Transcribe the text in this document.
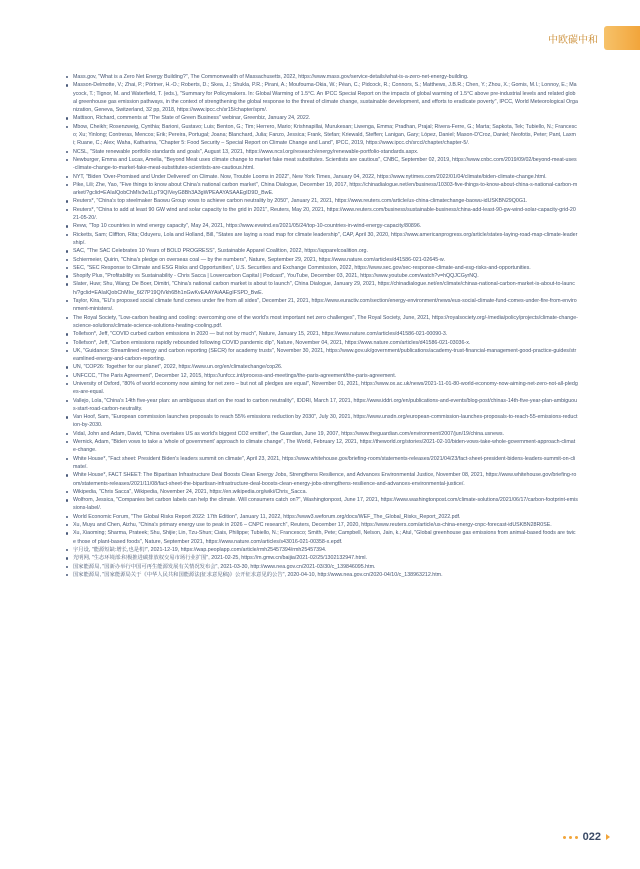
中欧碳中和
Mass.gov, "What is a Zero Net Energy Building?", The Commonwealth of Massachusetts, 2022, https://www.mass.gov/service-details/what-is-a-zero-net-energy-building.
Masson-Delmotte, V.; Zhai, P.; Pörtner, H.-O.; Roberts, D.; Skea, J.; Shukla, P.R.; Pirani, A.; Moufouma-Okia, W.; Péan, C.; Pidcock, R.; Connors, S.; Matthews, J.B.R.; Chen, Y.; Zhou, X.; Gomis, M.I.; Lonnoy, E.; Maycock, T.; Tignor, M. and Waterfield, T. (eds.), "Summary for Policymakers. In: Global Warming of 1.5°C. An IPCC Special Report on the impacts of global warming of 1.5°C above pre-industrial levels and related global greenhouse gas emission pathways, in the context of strengthening the global response to the threat of climate change, sustainable development, and efforts to eradicate poverty", IPCC, World Meteorological Organization, Geneva, Switzerland, 32 pp, 2018, https://www.ipcc.ch/sr15/chapter/spm/.
Mattison, Richard, comments at "The State of Green Business" webinar, Greenbiz, January 24, 2022.
Mbow, Cheikh; Rosenzweig, Cynthia; Barioni, Gustavo; Luis; Benton, G.; Tim; Herrero, Mario; Krishnapillai, Murukesan; Liwenga, Emma; Pradhan, Prajal; Rivera-Ferre, G.; Marta; Sapkota, Tek; Tubiello, N.; Francesco; Xu; Yinlong; Contreras, Mencos; Erik; Pereira, Portugal; Joana; Blanchard, Julia; Fanzo, Jessica; Frank, Stefan; Kriewald, Steffen; Lanigan, Gary; López, Daniel; Mason-D'Croz, Daniel; Neofotis, Peter; Pant, Laxmi; Ruane, C.; Alex; Waha, Katharina, "Chapter 5: Food Security – Special Report on Climate Change and Land", IPCC, 2019, https://www.ipcc.ch/srccl/chapter/chapter-5/.
NCSL, "State renewable portfolio standards and goals", August 13, 2021, https://www.ncsl.org/research/energy/renewable-portfolio-standards.aspx.
Newburger, Emma and Lucas, Amelia, "Beyond Meat uses climate change to market fake meat substitutes. Scientists are cautious", CNBC, September 02, 2019, https://www.cnbc.com/2019/09/02/beyond-meat-uses-climate-change-to-market-fake-meat-substitutes-scientists-are-cautious.html.
NYT, "Biden 'Over-Promised and Under Delivered' on Climate. Now, Trouble Looms in 2022", New York Times, January 04, 2022, https://www.nytimes.com/2022/01/04/climate/biden-climate-change.html.
Pike, Lili; Zhe, Yao, "Five things to know about China's national carbon market", China Dialogue, December 19, 2017, https://chinadialogue.net/en/business/10303-five-things-to-know-about-china-s-national-carbon-market/?gclid=EAIaIQobChMIv3w1LpT9QIVeyG8Bh3A3gWPEAAYASAAEgID9D_BwE.
Reuters*, "China's top steelmaker Baowu Group vows to achieve carbon neutrality by 2050", January 21, 2021, https://www.reuters.com/article/us-china-climatechange-baowu-idUSKBN29Q0G1.
Reuters*, "China to add at least 90 GW wind and solar capacity to the grid in 2021", Reuters, May 20, 2021, https://www.reuters.com/business/sustainable-business/china-add-least-90-gw-wind-solar-capacity-grid-2021-05-20/.
Revw, "Top 10 countries in wind energy capacity", May 24, 2021, https://www.evwind.es/2021/05/24/top-10-countries-in-wind-energy-capacity/80896.
Ricketts, Sam; Cliffton, Rita; Oduyeru, Lola and Holland, Bill, "States are laying a road map for climate leadership", CAP, April 30, 2020, https://www.americanprogress.org/article/states-laying-road-map-climate-leadership/.
SAC, "The SAC Celebrates 10 Years of BOLD PROGRESS", Sustainable Apparel Coalition, 2022, https://apparelcoalition.org.
Schiermeier, Quirin, "China's pledge on overseas coal — by the numbers", Nature, September 29, 2021, https://www.nature.com/articles/d41586-021-02645-w.
SEC, "SEC Response to Climate and ESG Risks and Opportunities", U.S. Securities and Exchange Commission, 2022, https://www.sec.gov/sec-response-climate-and-esg-risks-and-opportunities.
Shopify Plus, "Profitability vs Sustainability - Chris Sacca | Lowercarbon Capital | Podcast", YouTube, December 03, 2021, https://www.youtube.com/watch?v=hQQJCGyrNQ.
Slater, Huw; Shu, Wang; De Boer, Dimitri, "China's national carbon market is about to launch", China Dialogue, January 29, 2021, https://chinadialogue.net/en/climate/chinas-national-carbon-market-is-about-to-launch/?gclid=EAIaIQobChMIw_6t27P19QIVkh6Bh1nGwKvEAAYAiAAEgIFSPD_BwE.
Taylor, Kira, "EU's proposed social climate fund comes under fire from all sides", December 21, 2021, https://www.euractiv.com/section/energy-environment/news/eus-social-climate-fund-comes-under-fire-from-environment-ministers/.
The Royal Society, "Low-carbon heating and cooling: overcoming one of the world's most important net zero challenges", The Royal Society, June, 2021, https://royalsociety.org/-/media/policy/projects/climate-change-science-solutions/climate-science-solutions-heating-cooling.pdf.
Tollefson*, Jeff, "COVID curbed carbon emissions in 2020 — but not by much", Nature, January 15, 2021, https://www.nature.com/articles/d41586-021-00090-3.
Tollefson*, Jeff, "Carbon emissions rapidly rebounded following COVID pandemic dip", Nature, November 04, 2021, https://www.nature.com/articles/d41586-021-03036-x.
UK, "Guidance: Streamlined energy and carbon reporting (SECR) for academy trusts", November 30, 2021, https://www.gov.uk/government/publications/academy-trust-financial-management-good-practice-guides/streamlined-energy-and-carbon-reporting.
UN, "COP26: Together for our planet", 2022, https://www.un.org/en/climatechange/cop26.
UNFCCC, "The Paris Agreement", December 12, 2015, https://unfccc.int/process-and-meetings/the-paris-agreement/the-paris-agreement.
University of Oxford, "80% of world economy now aiming for net zero – but not all pledges are equal", November 01, 2021, https://www.ox.ac.uk/news/2021-11-01-80-world-economy-now-aiming-net-zero-not-all-pledges-are-equal.
Vallejo, Lola, "China's 14th five-year plan: an ambiguous start on the road to carbon neutrality", IDDRI, March 17, 2021, https://www.iddri.org/en/publications-and-events/blog-post/chinas-14th-five-year-plan-ambiguous-start-road-carbon-neutrality.
Van Hoof, Sam, "European commission launches proposals to reach 55% emissions reduction by 2030", July 30, 2021, https://www.unsdn.org/european-commission-launches-proposals-to-reach-55-emissions-reduction-by-2030.
Vidal, John and Adam, David, "China overtakes US as world's biggest CO2 emitter", the Guardian, June 19, 2007, https://www.theguardian.com/environment/2007/jun/19/china.usnews.
Wernick, Adam, "Biden vows to take a 'whole of government' approach to climate change", The World, February 12, 2021, https://theworld.org/stories/2021-02-10/biden-vows-take-whole-government-approach-climate-change.
White House*, "Fact sheet: President Biden's leaders summit on climate", April 23, 2021, https://www.whitehouse.gov/briefing-room/statements-releases/2021/04/23/fact-sheet-president-bidens-leaders-summit-on-climate/.
White House*, FACT SHEET: The Bipartisan Infrastructure Deal Boosts Clean Energy Jobs, Strengthens Resilience, and Advances Environmental Justice, November 08, 2021, https://www.whitehouse.gov/briefing-room/statements-releases/2021/11/08/fact-sheet-the-bipartisan-infrastructure-deal-boosts-clean-energy-jobs-strengthens-resilience-and-advances-environmental-justice/.
Wikipedia, "Chris Sacca", Wikipedia, November 24, 2021, https://en.wikipedia.org/wiki/Chris_Sacca.
Wolfrom, Jessica, "Companies bet carbon labels can help the climate. Will consumers catch on?", Washingtonpost, June 17, 2021, https://www.washingtonpost.com/climate-solutions/2021/06/17/carbon-footprint-emissions-label/.
World Economic Forum, "The Global Risks Report 2022: 17th Edition", January 11, 2022, https://www3.weforum.org/docs/WEF_The_Global_Risks_Report_2022.pdf.
Xu, Muyu and Chen, Aizhu, "China's primary energy use to peak in 2026 – CNPC research", Reuters, December 17, 2020, https://www.reuters.com/article/us-china-energy-cnpc-forecast-idUSKBN28R0SE.
Xu, Xiaoming; Sharma, Prateek; Shu, Shijie; Lin, Tzu-Shun; Ciais, Philippe; Tubiello, N.; Francesco; Smith, Pete; Campbell, Nelson, Jain, k.; Atul, "Global greenhouse gas emissions from animal-based foods are twice those of plant-based foods", Nature, September 2021, https://www.nature.com/articles/s43016-021-00358-x.epdf.
宇月设, "能源短缺:增长,也是机!", 2021-12-19, https://wap.peoplapp.com/article/rmh25457394/rmh25457394.
光明网, "生态环境部:积极推进碳排放权交易市场行业扩围", 2021-02-25, https://m.gmw.cn/baijia/2021-02/25/1302132947.html.
国家能源局, "国新办举行中国可再生能源发展有关情况发布会", 2021-03-30, http://www.nea.gov.cn/2021-03/30/c_139846095.htm.
国家能源局, "国家能源局关于《中华人民共和国能源法(征求意见稿)》公开征求意见的公告", 2020-04-10, http://www.nea.gov.cn/2020-04/10/c_138963212.htm.
022
